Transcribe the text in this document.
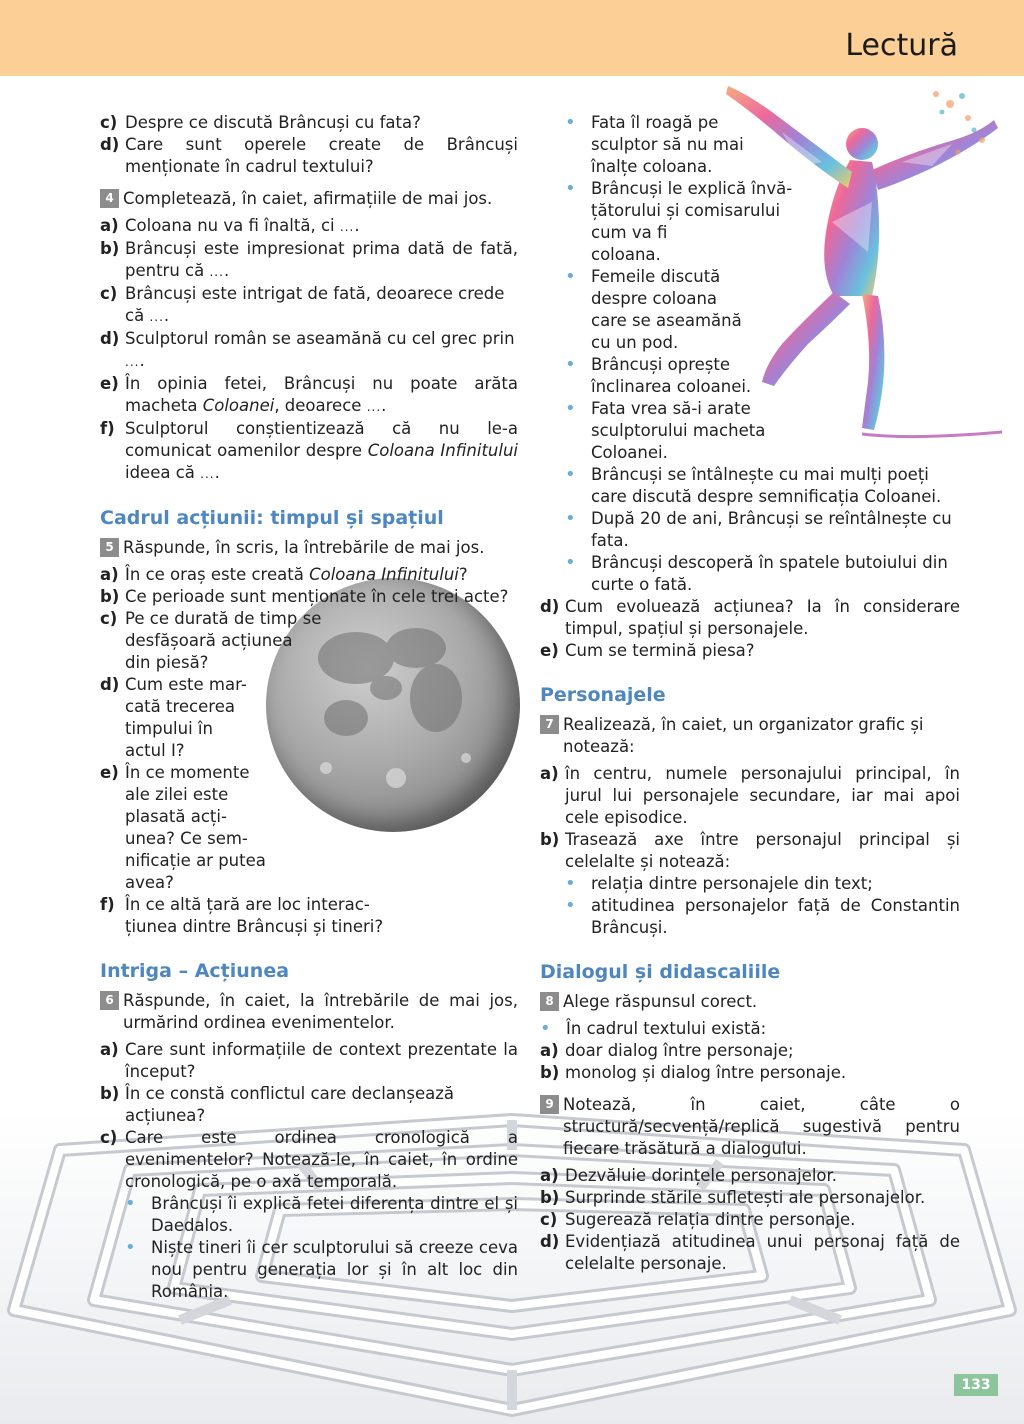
Lectură
c) Despre ce discută Brâncuși cu fata?
d) Care sunt operele create de Brâncuși menționate în cadrul textului?
4 Completează, în caiet, afirmațiile de mai jos.
a) Coloana nu va fi înaltă, ci ....
b) Brâncuși este impresionat prima dată de fată, pentru că ....
c) Brâncuși este intrigat de fată, deoarece crede că ....
d) Sculptorul român se aseamănă cu cel grec prin ....
e) În opinia fetei, Brâncuși nu poate arăta macheta Coloanei, deoarece ....
f) Sculptorul conștientizează că nu le-a comunicat oamenilor despre Coloana Infinitului ideea că ....
Cadrul acțiunii: timpul și spațiul
5 Răspunde, în scris, la întrebările de mai jos.
a) În ce oraș este creată Coloana Infinitului?
b) Ce perioade sunt menționate în cele trei acte?
c) Pe ce durată de timp se
desfășoară acțiunea
din piesă?
d) Cum este mar-
cată trecerea
timpului în
actul I?
e) În ce momente
ale zilei este
plasată acți-
unea? Ce sem-
nificație ar putea
avea?
f) În ce altă țară are loc interac-
țiunea dintre Brâncuși și tineri?
Intriga – Acțiunea
6 Răspunde, în caiet, la întrebările de mai jos, urmărind ordinea evenimentelor.
a) Care sunt informațiile de context prezentate la început?
b) În ce constă conflictul care declanșează acțiunea?
c) Care este ordinea cronologică a evenimentelor? Notează-le, în caiet, în ordine cronologică, pe o axă temporală.
• Brâncuși îi explică fetei diferența dintre el și Daedalos.
• Niște tineri îi cer sculptorului să creeze ceva nou pentru generația lor și în alt loc din România.
• Fata îl roagă pe
sculptor să nu mai
înalțe coloana.
• Brâncuși le explică învă-
țătorului și comisarului
cum va fi
coloana.
• Femeile discută
despre coloana
care se aseamănă
cu un pod.
• Brâncuși oprește
înclinarea coloanei.
• Fata vrea să-i arate
sculptorului macheta
Coloanei.
• Brâncuși se întâlnește cu mai mulți poeți care discută despre semnificația Coloanei.
• După 20 de ani, Brâncuși se reîntâlnește cu fata.
• Brâncuși descoperă în spatele butoiului din curte o fată.
d) Cum evoluează acțiunea? Ia în considerare timpul, spațiul și personajele.
e) Cum se termină piesa?
Personajele
7 Realizează, în caiet, un organizator grafic și notează:
a) în centru, numele personajului principal, în jurul lui personajele secundare, iar mai apoi cele episodice.
b) Trasează axe între personajul principal și celelalte și notează:
• relația dintre personajele din text;
• atitudinea personajelor față de Constantin Brâncuși.
Dialogul și didascaliile
8 Alege răspunsul corect.
• În cadrul textului există:
a) doar dialog între personaje;
b) monolog și dialog între personaje.
9 Notează, în caiet, câte o structură/secvență/replică sugestivă pentru fiecare trăsătură a dialogului.
a) Dezvăluie dorințele personajelor.
b) Surprinde stările sufletești ale personajelor.
c) Sugerează relația dintre personaje.
d) Evidențiază atitudinea unui personaj față de celelalte personaje.
133
